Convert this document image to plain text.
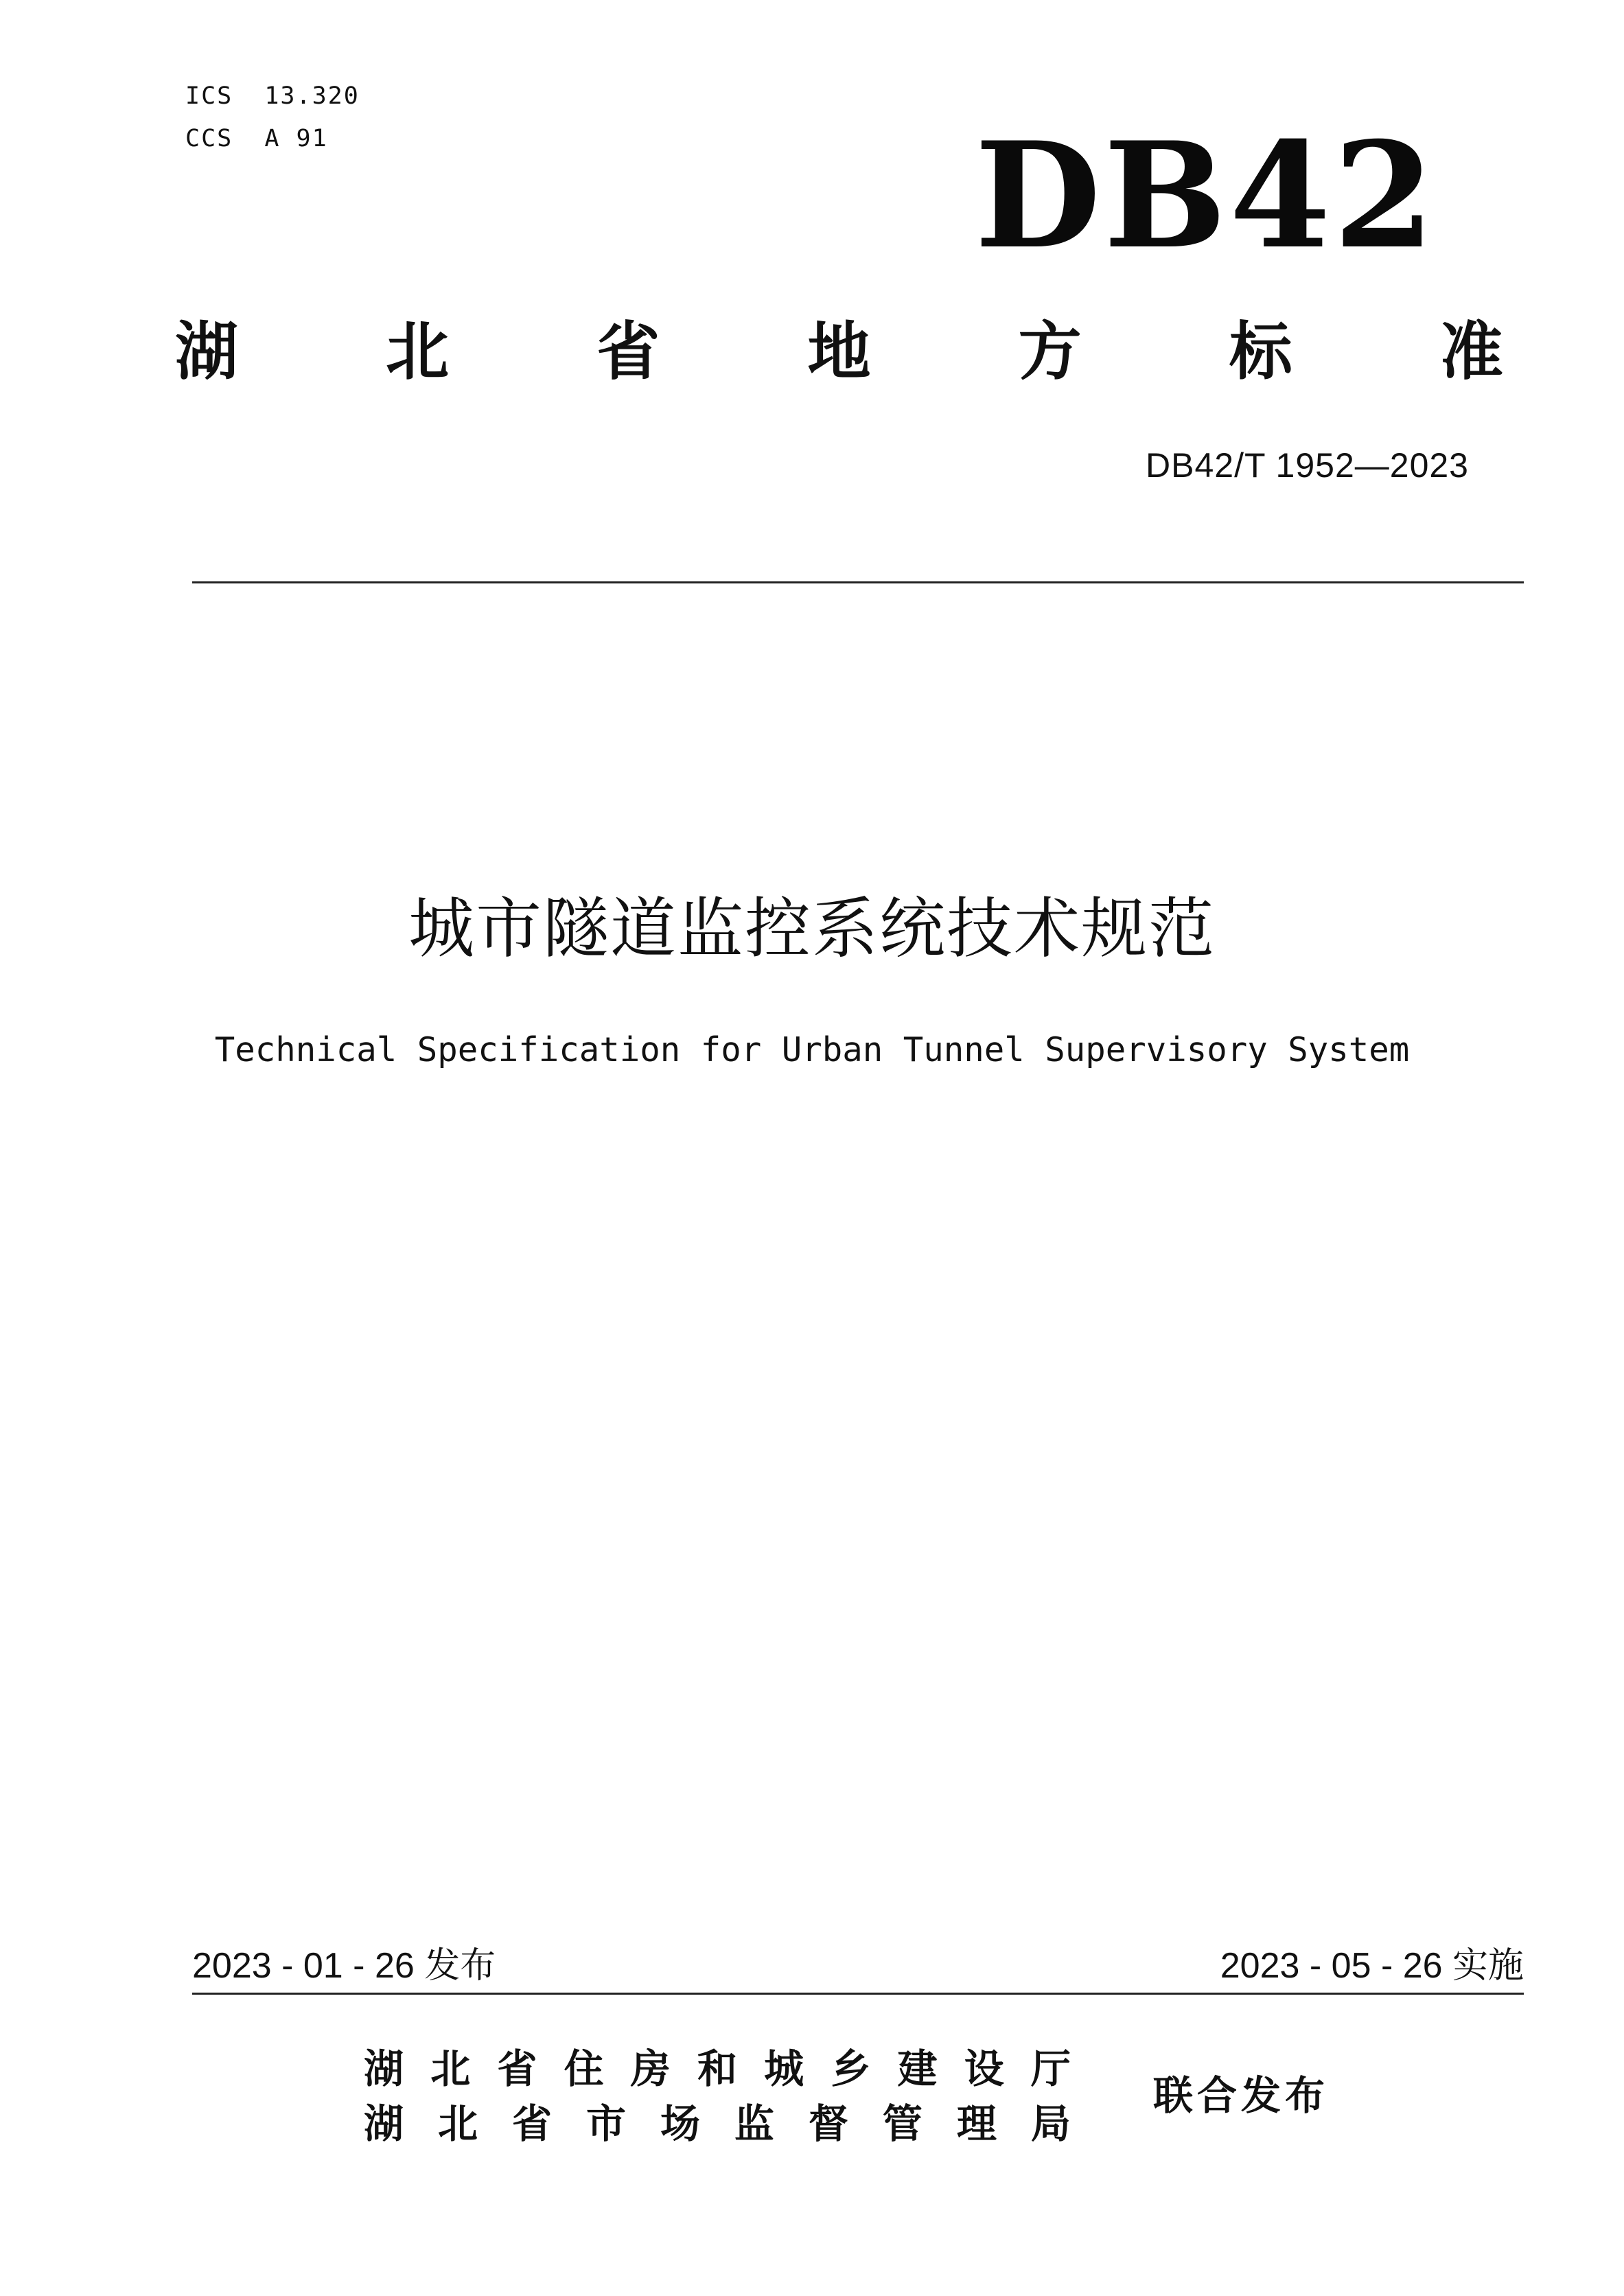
ICS  13.320
CCS  A 91	DB42
湖 北 省 地 方 标 准
DB42/T 1952—2023
城市隧道监控系统技术规范
Technical Specification for Urban Tunnel Supervisory System
2023 - 01 - 26 发布	2023 - 05 - 26 实施
湖 北 省 住 房 和 城 乡 建 设 厅
湖 北 省 市 场 监 督 管 理 局
联合发布
